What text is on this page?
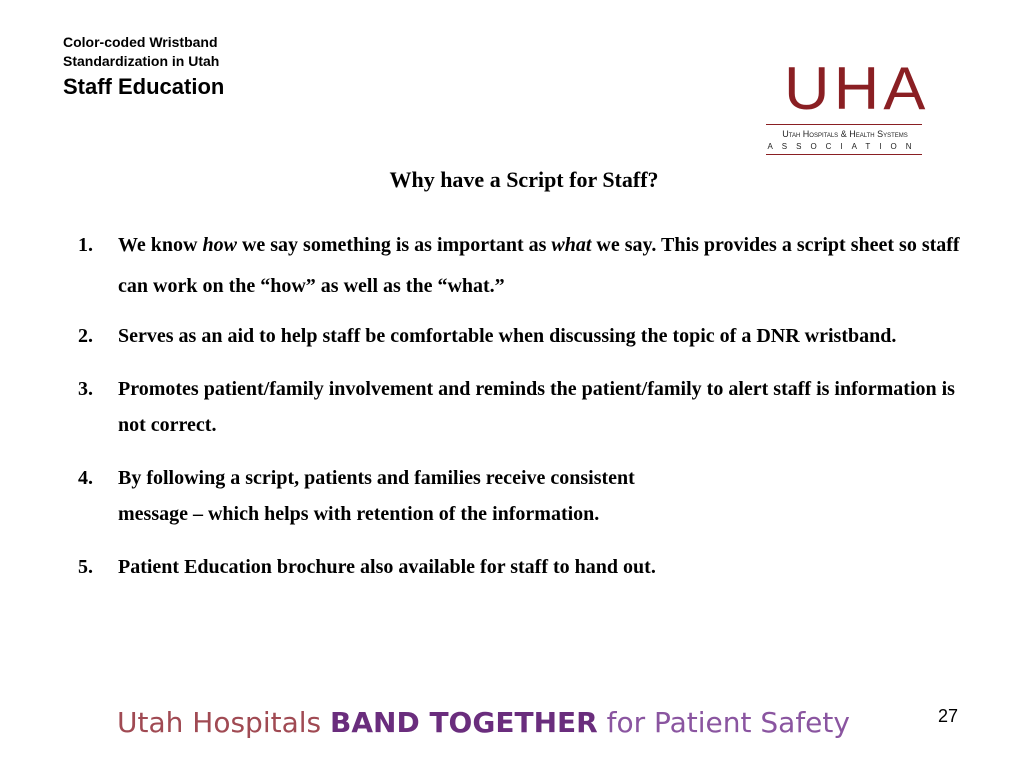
Color-coded Wristband
Standardization in Utah
Staff Education	UHA
Utah Hospitals & Health Systems
ASSOCIATION
Why have a Script for Staff?
1. We know how we say something is as important as what we say. This provides a script sheet so staff can work on the “how” as well as the “what.”
2. Serves as an aid to help staff be comfortable when discussing the topic of a DNR wristband.
3. Promotes patient/family involvement and reminds the patient/family to alert staff is information is not correct.
4. By following a script, patients and families receive consistent
message – which helps with retention of the information.
5. Patient Education brochure also available for staff to hand out.
Utah Hospitals BAND TOGETHER for Patient Safety	27
